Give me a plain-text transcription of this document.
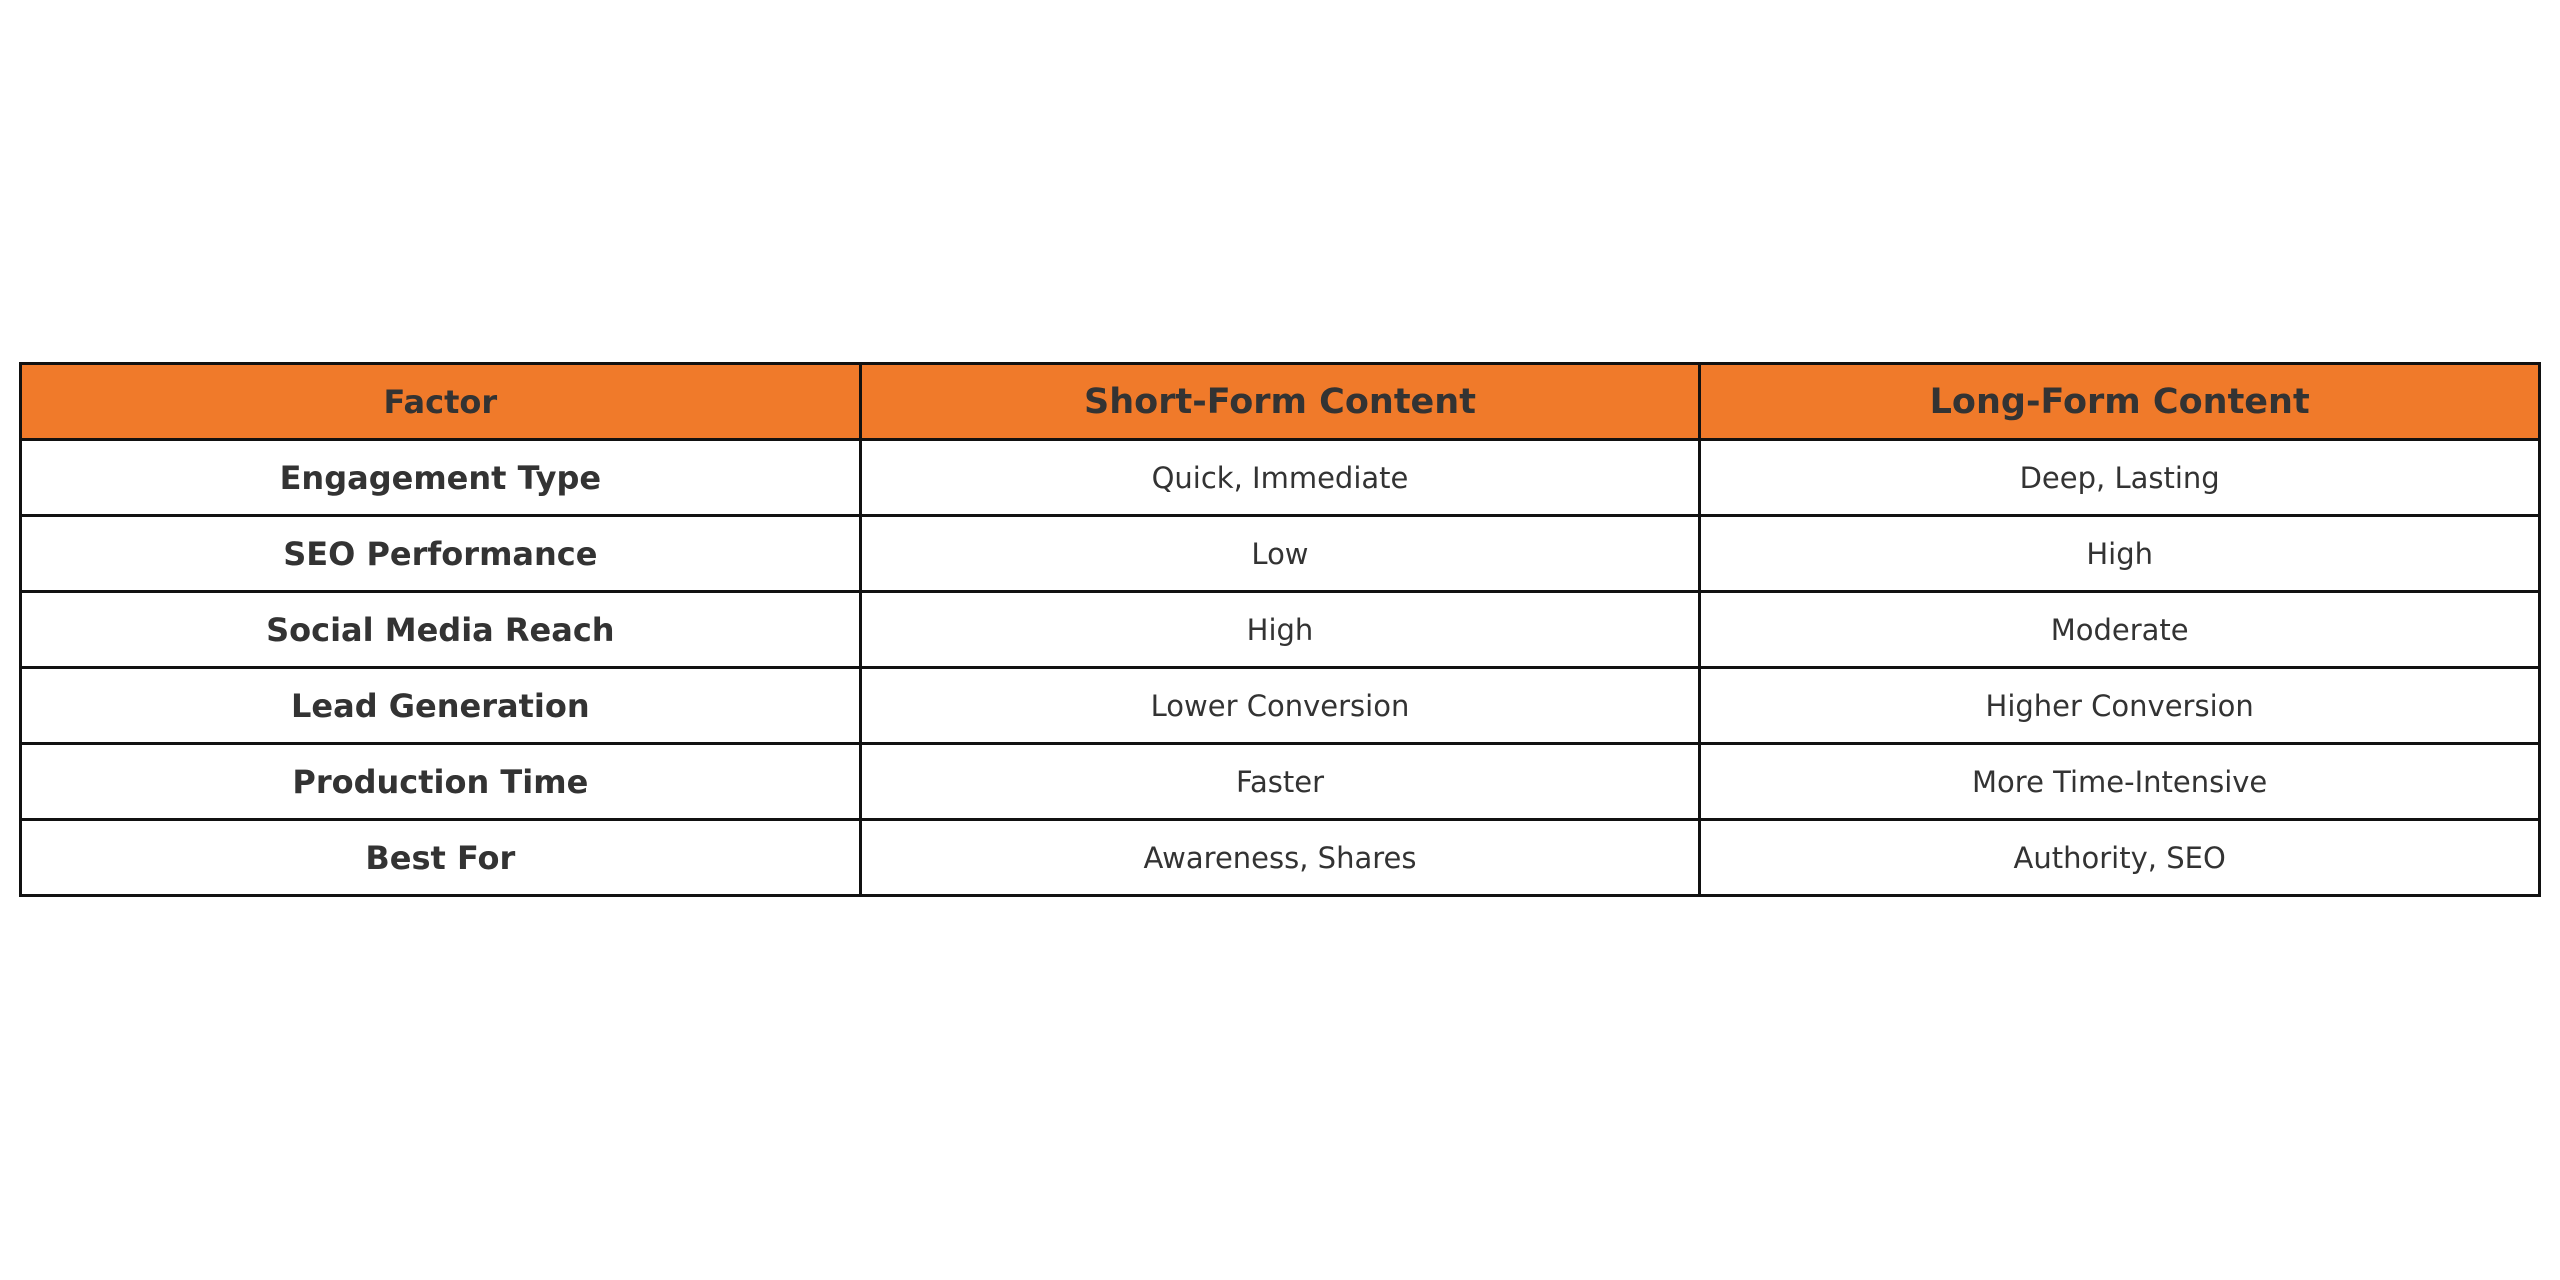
Factor	Short-Form Content	Long-Form Content
Engagement Type	Quick, Immediate	Deep, Lasting
SEO Performance	Low	High
Social Media Reach	High	Moderate
Lead Generation	Lower Conversion	Higher Conversion
Production Time	Faster	More Time-Intensive
Best For	Awareness, Shares	Authority, SEO
